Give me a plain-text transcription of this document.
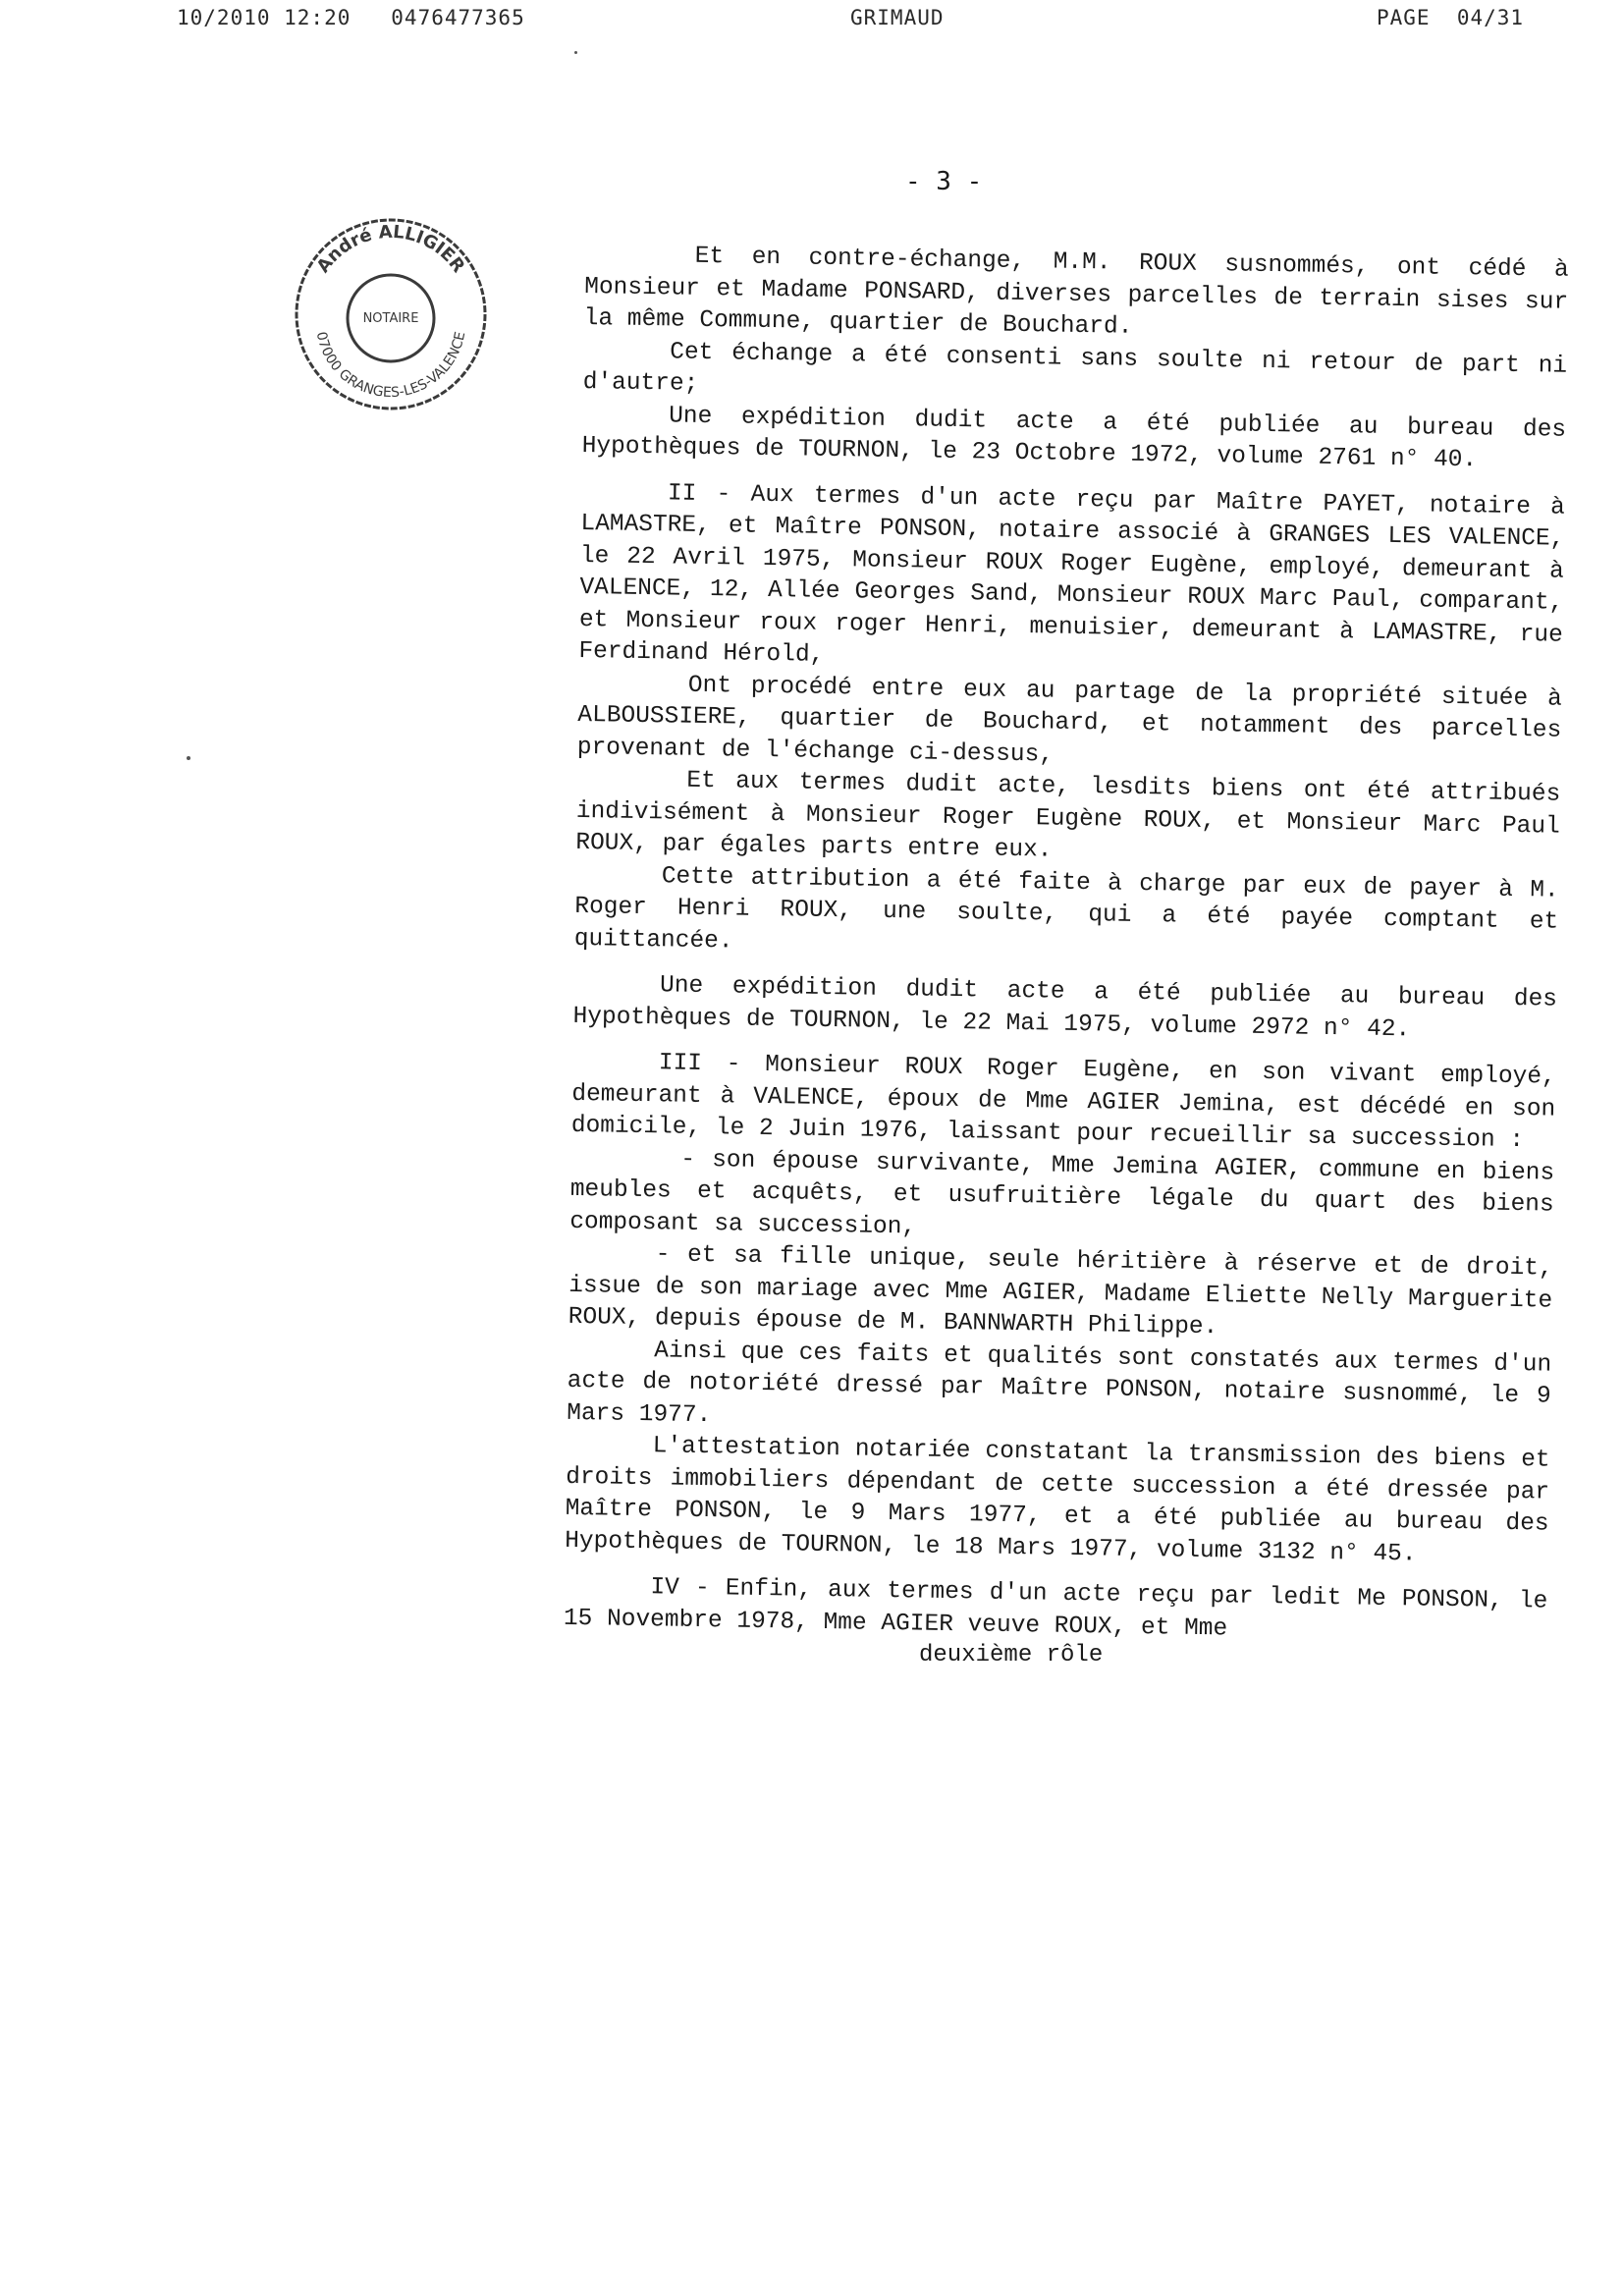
10/2010 12:20   0476477365	GRIMAUD	PAGE  04/31
- 3 -
André ALLIGIER
NOTAIRE
07000 GRANGES-LES-VALENCE

Et en contre-échange, M.M. ROUX susnommés, ont cédé à Monsieur et Madame PONSARD, diverses parcelles de terrain sises sur la même Commune, quartier de Bouchard.

Cet échange a été consenti sans soulte ni retour de part ni d'autre;

Une expédition dudit acte a été publiée au bureau des Hypothèques de TOURNON, le 23 Octobre 1972, volume 2761 n° 40.

II - Aux termes d'un acte reçu par Maître PAYET, notaire à LAMASTRE, et Maître PONSON, notaire associé à GRANGES LES VALENCE, le 22 Avril 1975, Monsieur ROUX Roger Eugène, employé, demeurant à VALENCE, 12, Allée Georges Sand, Monsieur ROUX Marc Paul, comparant, et Monsieur roux roger Henri, menuisier, demeurant à LAMASTRE, rue Ferdinand Hérold,

Ont procédé entre eux au partage de la propriété située à ALBOUSSIERE, quartier de Bouchard, et notamment des parcelles provenant de l'échange ci-dessus,

Et aux termes dudit acte, lesdits biens ont été attribués indivisément à Monsieur Roger Eugène ROUX, et Monsieur Marc Paul ROUX, par égales parts entre eux.

Cette attribution a été faite à charge par eux de payer à M. Roger Henri ROUX, une soulte, qui a été payée comptant et quittancée.

Une expédition dudit acte a été publiée au bureau des Hypothèques de TOURNON, le 22 Mai 1975, volume 2972 n° 42.

III - Monsieur ROUX Roger Eugène, en son vivant employé, demeurant à VALENCE, époux de Mme AGIER Jemina, est décédé en son domicile, le 2 Juin 1976, laissant pour recueillir sa succession :

- son épouse survivante, Mme Jemina AGIER, commune en biens meubles et acquêts, et usufruitière légale du quart des biens composant sa succession,

- et sa fille unique, seule héritière à réserve et de droit, issue de son mariage avec Mme AGIER, Madame Eliette Nelly Marguerite ROUX, depuis épouse de M. BANNWARTH Philippe.

Ainsi que ces faits et qualités sont constatés aux termes d'un acte de notoriété dressé par Maître PONSON, notaire susnommé, le 9 Mars 1977.

L'attestation notariée constatant la transmission des biens et droits immobiliers dépendant de cette succession a été dressée par Maître PONSON, le 9 Mars 1977, et a été publiée au bureau des Hypothèques de TOURNON, le 18 Mars 1977, volume 3132 n° 45.

IV - Enfin, aux termes d'un acte reçu par ledit Me PONSON, le 15 Novembre 1978, Mme AGIER veuve ROUX, et Mme

deuxième rôle
